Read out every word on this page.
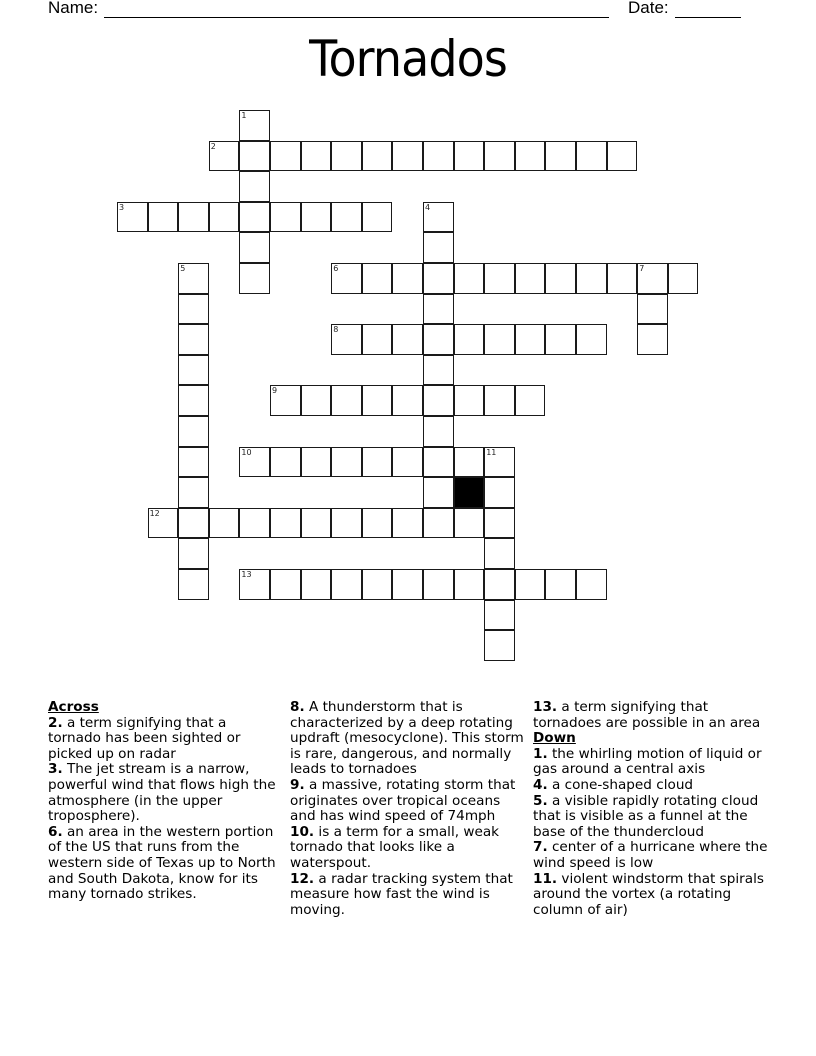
Name:	Date:
Tornados
1
2
3	4
5	6	7
8
9
10	11
12
13
Across
2. a term signifying that a tornado has been sighted or picked up on radar
3. The jet stream is a narrow, powerful wind that flows high the atmosphere (in the upper troposphere).
6. an area in the western portion of the US that runs from the western side of Texas up to North and South Dakota, know for its many tornado strikes.
8. A thunderstorm that is characterized by a deep rotating updraft (mesocyclone). This storm is rare, dangerous, and normally leads to tornadoes
9. a massive, rotating storm that originates over tropical oceans and has wind speed of 74mph
10. is a term for a small, weak tornado that looks like a waterspout.
12. a radar tracking system that measure how fast the wind is moving.
13. a term signifying that tornadoes are possible in an area
Down
1. the whirling motion of liquid or gas around a central axis
4. a cone-shaped cloud
5. a visible rapidly rotating cloud that is visible as a funnel at the base of the thundercloud
7. center of a hurricane where the wind speed is low
11. violent windstorm that spirals around the vortex (a rotating column of air)
